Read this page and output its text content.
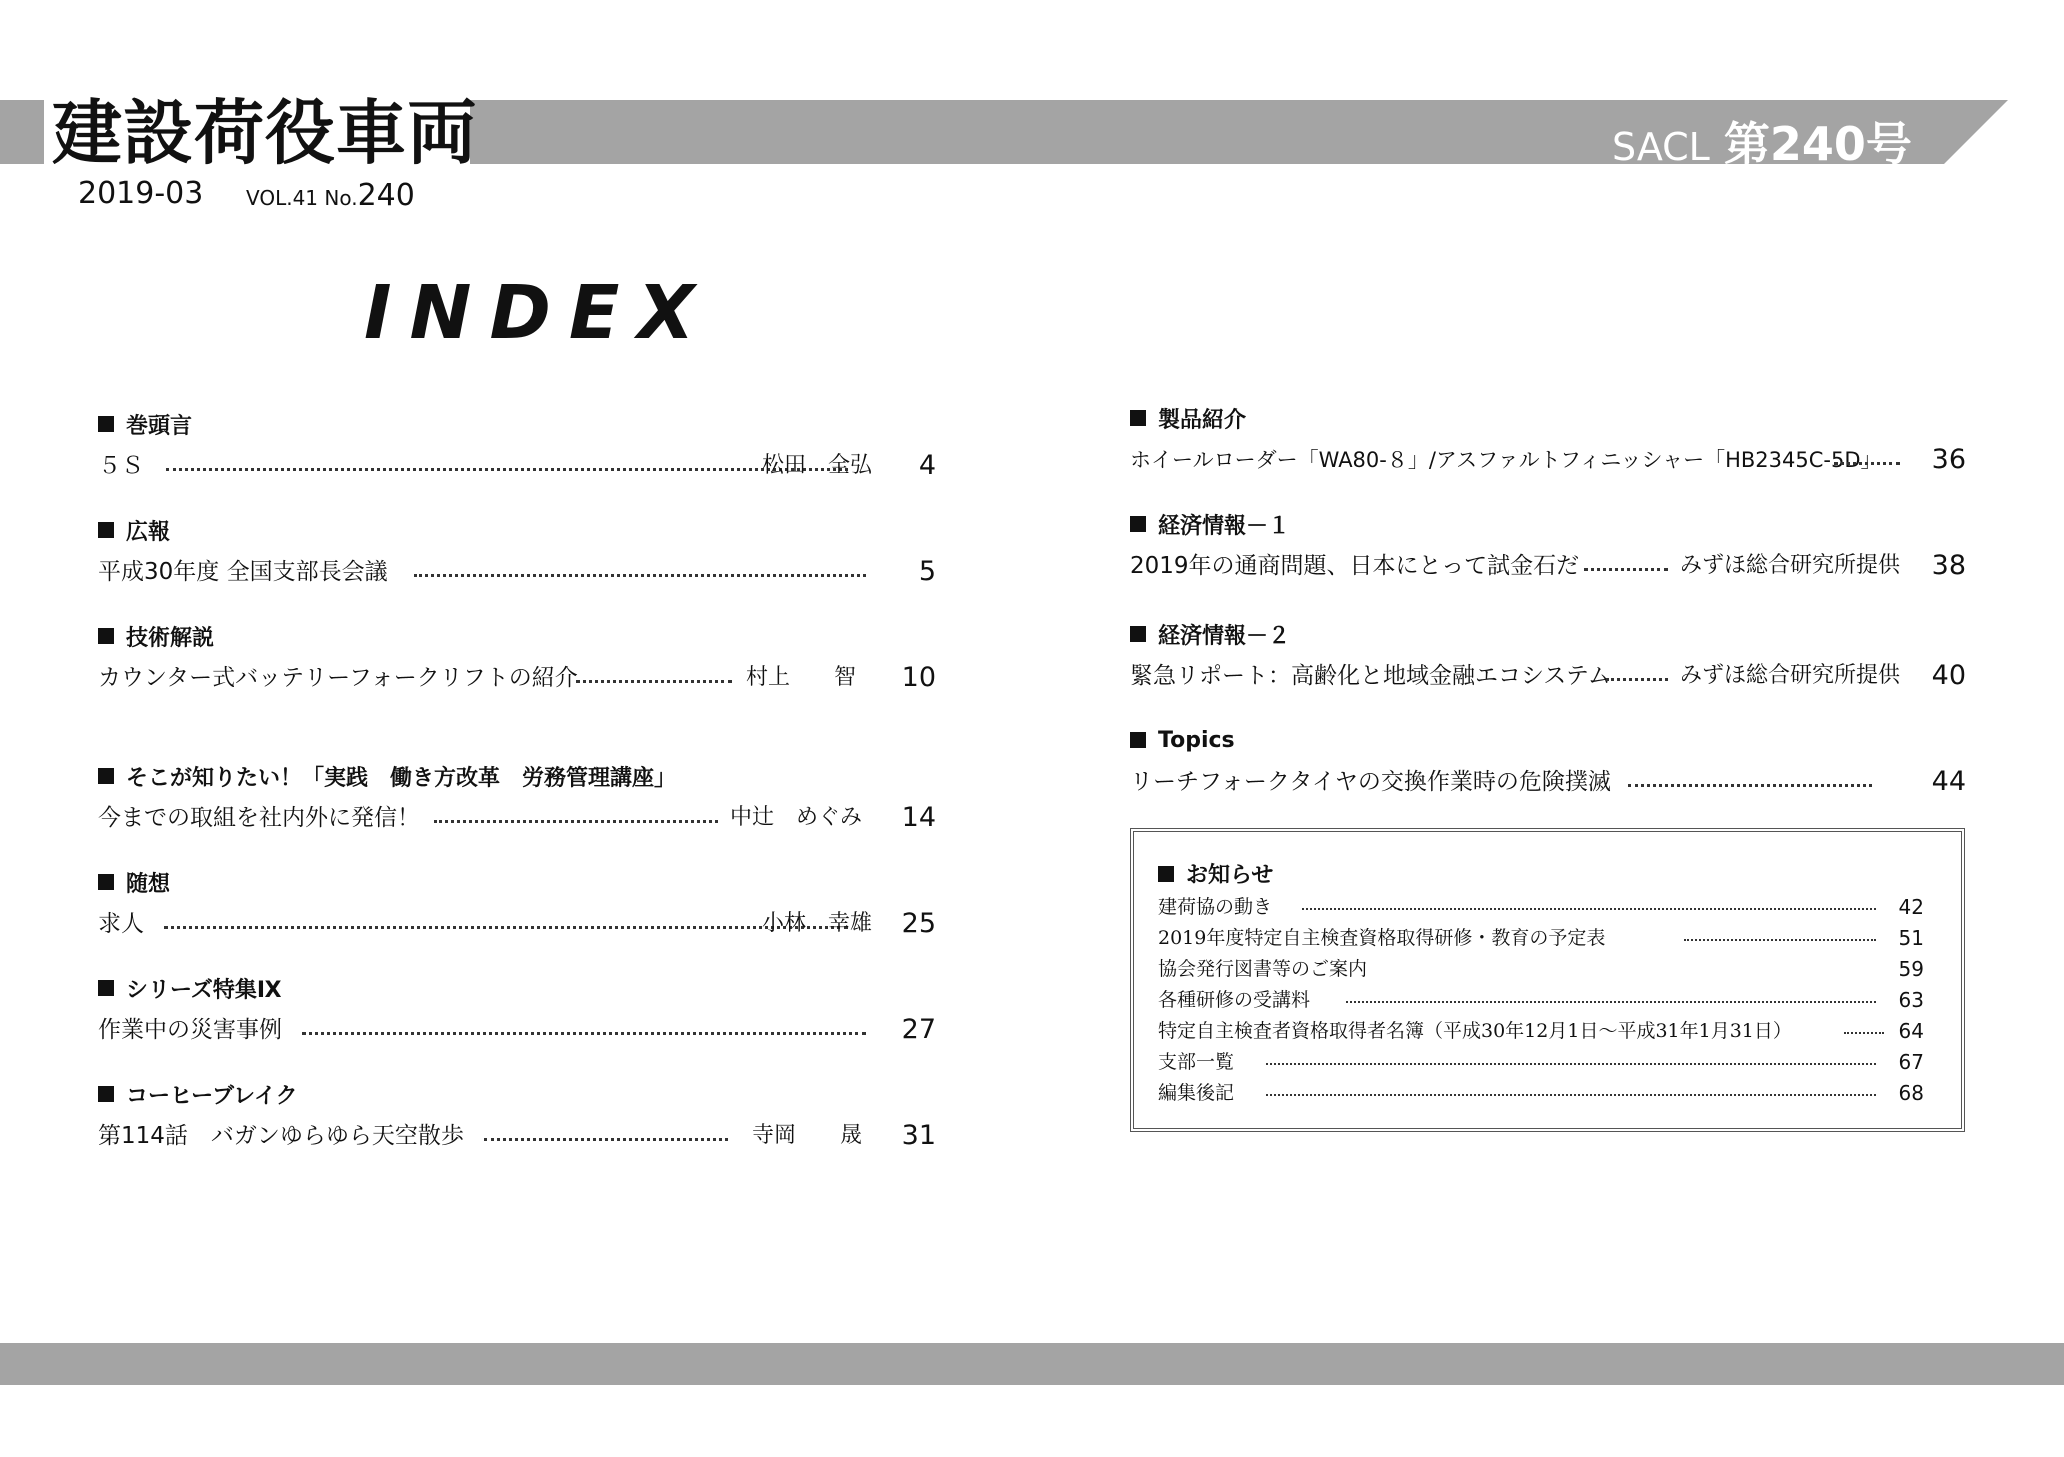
建設荷役車両	SACL 第240号
2019-03 VOL.41 No.240
INDEX
巻頭言
５Ｓ	松田　全弘 4
広報
平成30年度 全国支部長会議	5
技術解説
カウンター式バッテリーフォークリフトの紹介	村上　　智 10
そこが知りたい！「実践　働き方改革　労務管理講座」
今までの取組を社内外に発信！	中辻　めぐみ 14
随想
求人	小林　幸雄 25
シリーズ特集Ⅸ
作業中の災害事例	27
コーヒーブレイク
第114話　バガンゆらゆら天空散歩	寺岡　　晟 31
製品紹介
ホイールローダー「WA80-８」/アスファルトフィニッシャー「HB2345C-5D」 36
経済情報－１
2019年の通商問題、日本にとって試金石だ	みずほ総合研究所提供 38
経済情報－２
緊急リポート：高齢化と地域金融エコシステム	みずほ総合研究所提供 40
Topics
リーチフォークタイヤの交換作業時の危険撲滅	44
お知らせ
建荷協の動き	42
2019年度特定自主検査資格取得研修・教育の予定表	51
協会発行図書等のご案内	59
各種研修の受講料	63
特定自主検査者資格取得者名簿（平成30年12月1日～平成31年1月31日）	64
支部一覧	67
編集後記	68
